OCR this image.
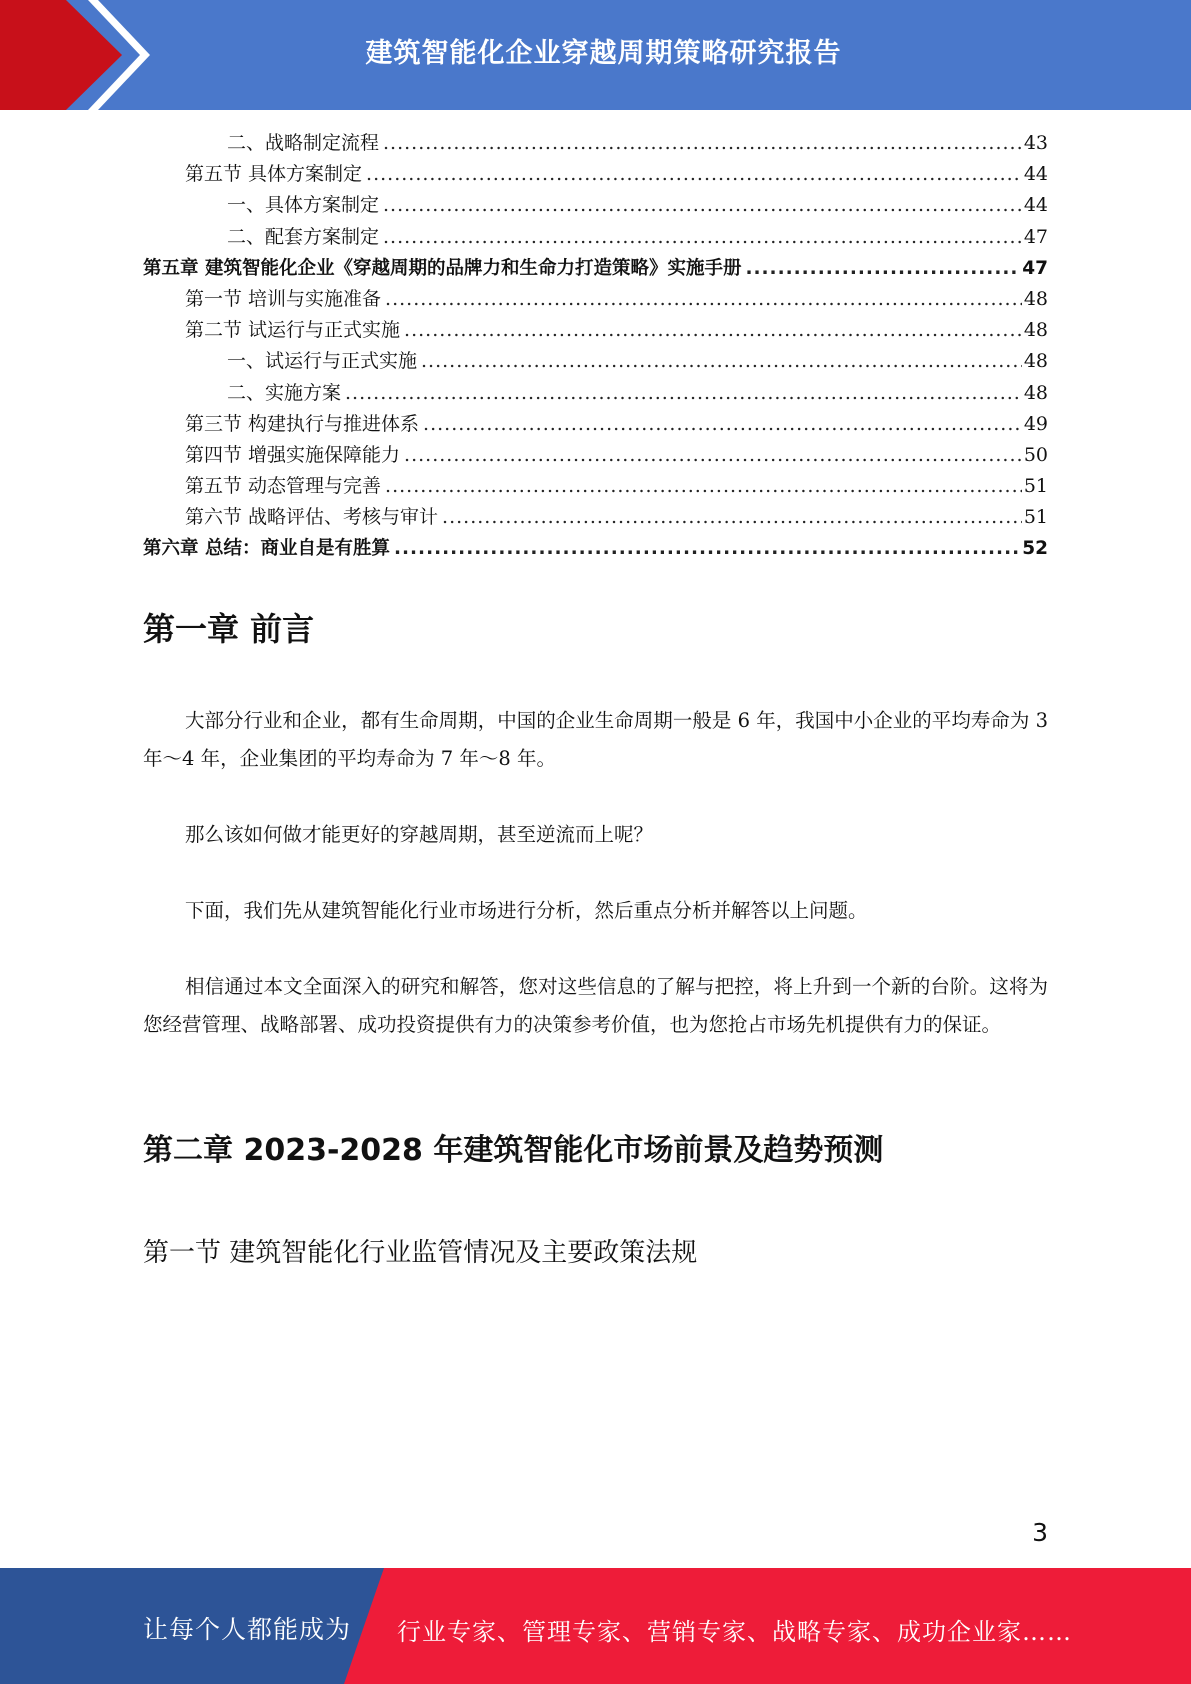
建筑智能化企业穿越周期策略研究报告
二、战略制定流程 .....	43
第五节 具体方案制定 .....	44
一、具体方案制定 .....	44
二、配套方案制定 .....	47
第五章 建筑智能化企业《穿越周期的品牌力和生命力打造策略》实施手册 .....	47
第一节 培训与实施准备 .....	48
第二节 试运行与正式实施 .....	48
一、试运行与正式实施 .....	48
二、实施方案 .....	48
第三节 构建执行与推进体系 .....	49
第四节 增强实施保障能力 .....	50
第五节 动态管理与完善 .....	51
第六节 战略评估、考核与审计 .....	51
第六章 总结：商业自是有胜算 .....	52
第一章 前言

大部分行业和企业，都有生命周期，中国的企业生命周期一般是 6 年，我国中小企业的平均寿命为 3 年～4 年，企业集团的平均寿命为 7 年～8 年。

那么该如何做才能更好的穿越周期，甚至逆流而上呢？

下面，我们先从建筑智能化行业市场进行分析，然后重点分析并解答以上问题。

相信通过本文全面深入的研究和解答，您对这些信息的了解与把控，将上升到一个新的台阶。这将为您经营管理、战略部署、成功投资提供有力的决策参考价值，也为您抢占市场先机提供有力的保证。

第二章 2023-2028 年建筑智能化市场前景及趋势预测
第一节 建筑智能化行业监管情况及主要政策法规
3
让每个人都能成为 行业专家、管理专家、营销专家、战略专家、成功企业家……
